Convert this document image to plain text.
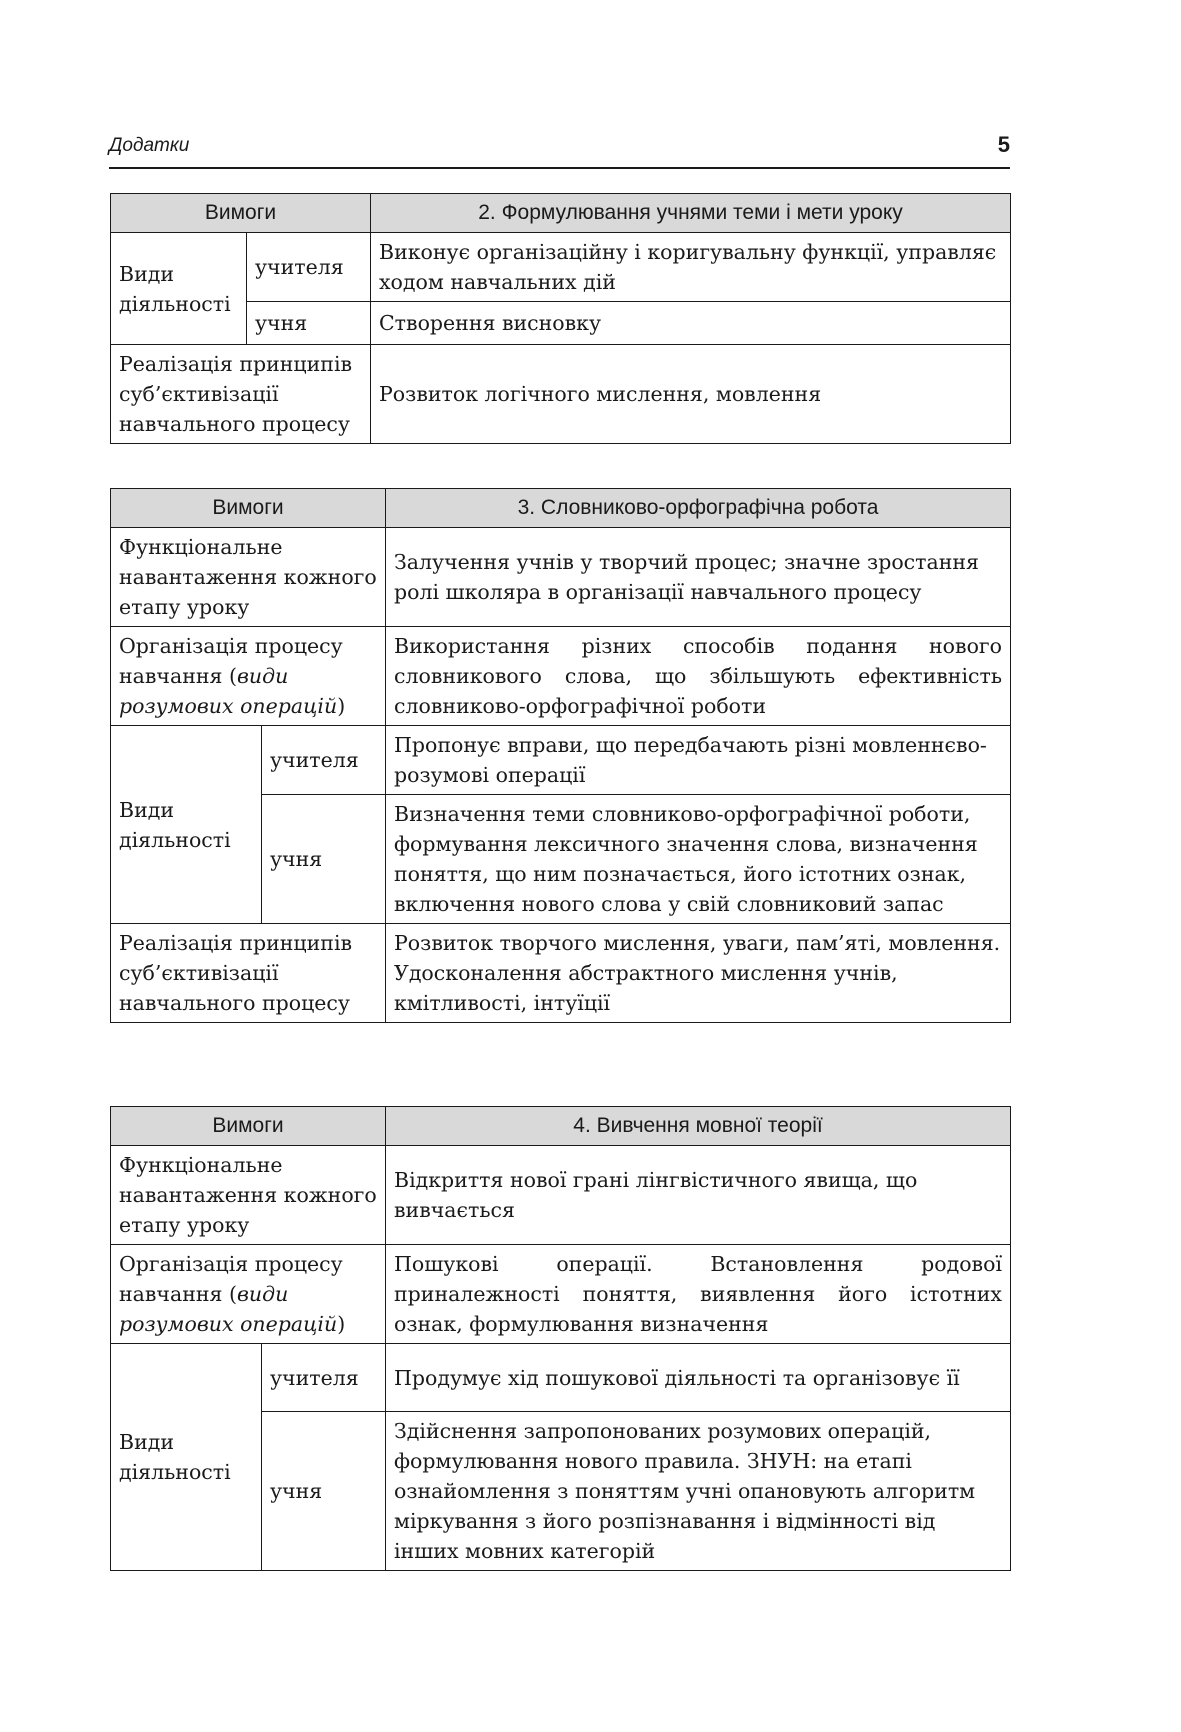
Додатки	5
Вимоги		2. Формулювання учнями теми і мети уроку
Види діяльності	учителя	Виконує організаційну і коригувальну функції, управляє ходом навчальних дій
	учня	Створення висновку
Реалізація принципів суб’єктивізації навчального процесу		Розвиток логічного мислення, мовлення
Вимоги		3. Словниково-орфографічна робота
Функціональне навантаження кожного етапу уроку		Залучення учнів у творчий процес; значне зростання ролі школяра в організації навчального процесу
Організація процесу навчання (види розумових операцій)		Використання різних способів подання нового словникового слова, що збільшують ефективність словниково-орфографічної роботи
Види діяльності	учителя	Пропонує вправи, що передбачають різні мовленнєво-розумові операції
	учня	Визначення теми словниково-орфографічної роботи, формування лексичного значення слова, визначення поняття, що ним позначається, його істотних ознак, включення нового слова у свій словниковий запас
Реалізація принципів суб’єктивізації навчального процесу		Розвиток творчого мислення, уваги, пам’яті, мовлення. Удосконалення абстрактного мислення учнів, кмітливості, інтуїції
Вимоги		4. Вивчення мовної теорії
Функціональне навантаження кожного етапу уроку		Відкриття нової грані лінгвістичного явища, що вивчається
Організація процесу навчання (види розумових операцій)		Пошукові операції. Встановлення родової приналежності поняття, виявлення його істотних ознак, формулювання визначення
Види діяльності	учителя	Продумує хід пошукової діяльності та організовує її
	учня	Здійснення запропонованих розумових операцій, формулювання нового правила. ЗНУН: на етапі ознайомлення з поняттям учні опановують алгоритм міркування з його розпізнавання і відмінності від інших мовних категорій
